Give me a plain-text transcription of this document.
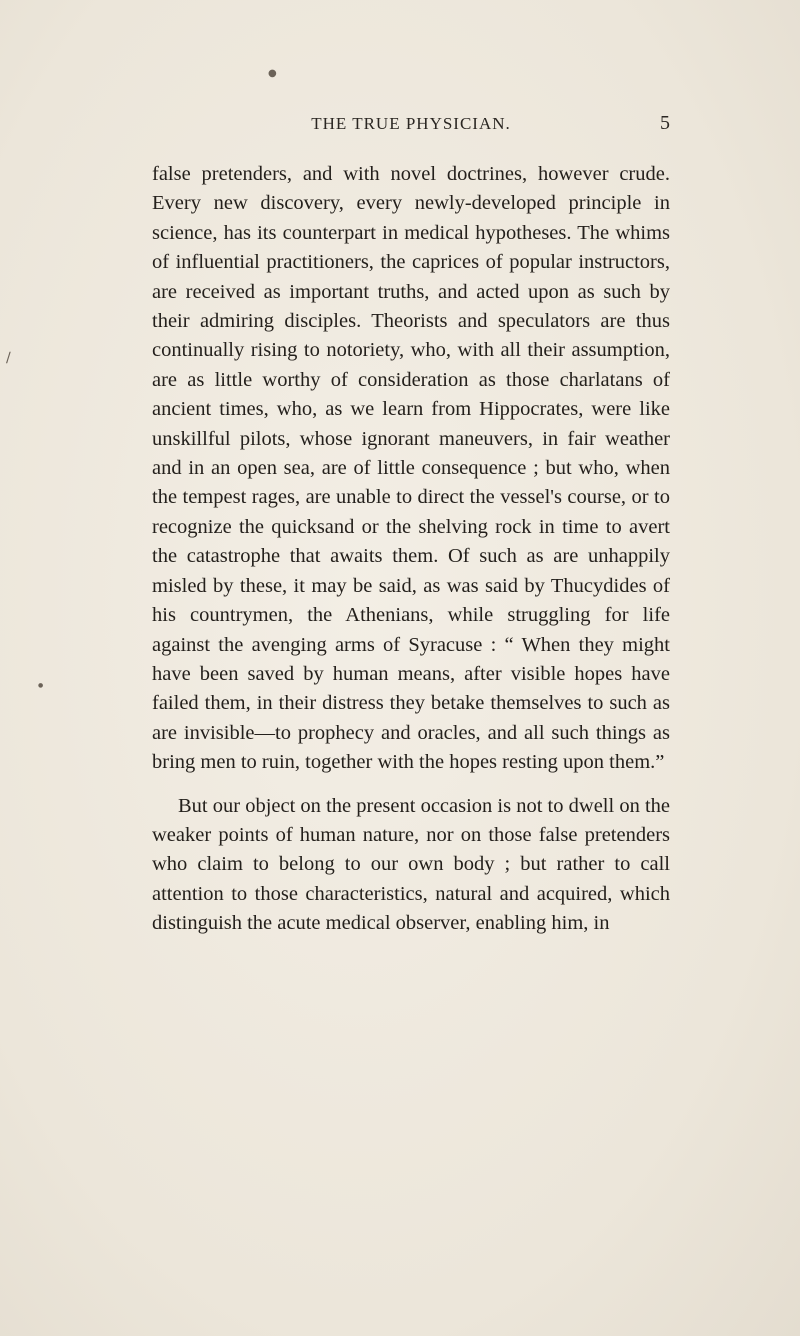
●
∕
●
THE TRUE PHYSICIAN.	5

false pretenders, and with novel doctrines, however crude. Every new discovery, every newly-developed principle in science, has its counterpart in medical hypotheses. The whims of influential practitioners, the caprices of popular instructors, are received as important truths, and acted upon as such by their admiring disciples. Theorists and speculators are thus continually rising to notoriety, who, with all their assumption, are as little worthy of consideration as those charlatans of ancient times, who, as we learn from Hippocrates, were like unskillful pilots, whose ignorant maneuvers, in fair weather and in an open sea, are of little consequence ; but who, when the tempest rages, are unable to direct the vessel's course, or to recognize the quicksand or the shelving rock in time to avert the catastrophe that awaits them. Of such as are unhappily misled by these, it may be said, as was said by Thucydides of his countrymen, the Athenians, while struggling for life against the avenging arms of Syracuse : “ When they might have been saved by human means, after visible hopes have failed them, in their distress they betake themselves to such as are invisible—to prophecy and oracles, and all such things as bring men to ruin, together with the hopes resting upon them.”

But our object on the present occasion is not to dwell on the weaker points of human nature, nor on those false pretenders who claim to belong to our own body ; but rather to call attention to those characteristics, natural and acquired, which distinguish the acute medical observer, enabling him, in
